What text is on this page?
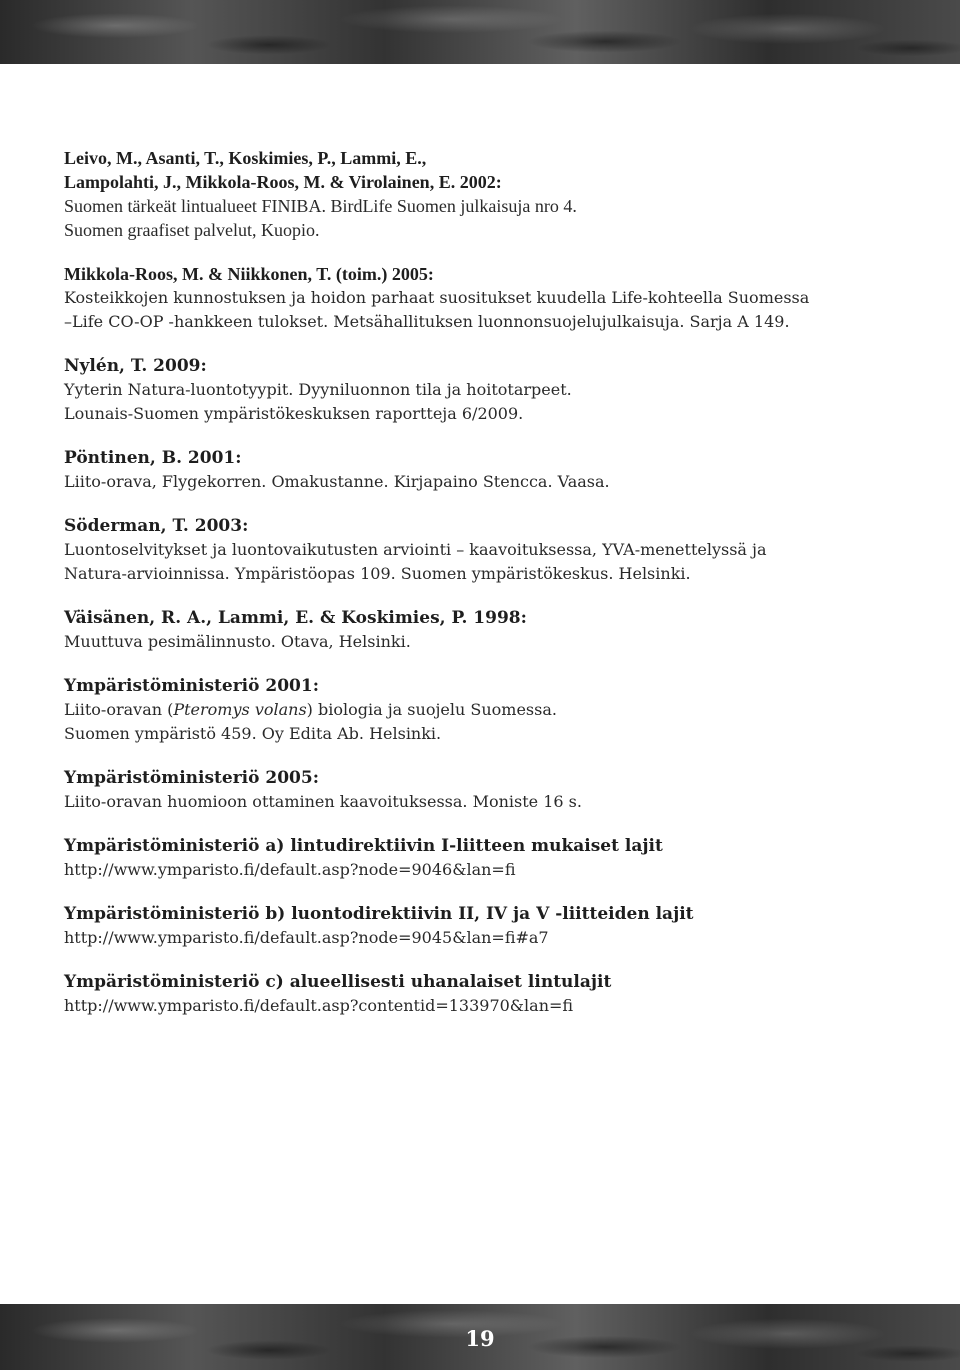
Leivo, M., Asanti, T., Koskimies, P., Lammi, E.,
Lampolahti, J., Mikkola-Roos, M. & Virolainen, E. 2002:
Suomen tärkeät lintualueet FINIBA. BirdLife Suomen julkaisuja nro 4.
Suomen graafiset palvelut, Kuopio.
Mikkola-Roos, M. & Niikkonen, T. (toim.) 2005:
Kosteikkojen kunnostuksen ja hoidon parhaat suositukset kuudella Life-kohteella Suomessa
–Life CO-OP -hankkeen tulokset. Metsähallituksen luonnonsuojelujulkaisuja. Sarja A 149.
Nylén, T. 2009:
Yyterin Natura-luontotyypit. Dyyniluonnon tila ja hoitotarpeet.
Lounais-Suomen ympäristökeskuksen raportteja 6/2009.
Pöntinen, B. 2001:
Liito-orava, Flygekorren. Omakustanne. Kirjapaino Stencca. Vaasa.
Söderman, T. 2003:
Luontoselvitykset ja luontovaikutusten arviointi – kaavoituksessa, YVA-menettelyssä ja
Natura-arvioinnissa. Ympäristöopas 109. Suomen ympäristökeskus. Helsinki.
Väisänen, R. A., Lammi, E. & Koskimies, P. 1998:
Muuttuva pesimälinnusto. Otava, Helsinki.
Ympäristöministeriö 2001:
Liito-oravan (Pteromys volans) biologia ja suojelu Suomessa.
Suomen ympäristö 459. Oy Edita Ab. Helsinki.
Ympäristöministeriö 2005:
Liito-oravan huomioon ottaminen kaavoituksessa. Moniste 16 s.
Ympäristöministeriö a) lintudirektiivin I-liitteen mukaiset lajit
http://www.ymparisto.fi/default.asp?node=9046&lan=fi
Ympäristöministeriö b) luontodirektiivin II, IV ja V -liitteiden lajit
http://www.ymparisto.fi/default.asp?node=9045&lan=fi#a7
Ympäristöministeriö c) alueellisesti uhanalaiset lintulajit
http://www.ymparisto.fi/default.asp?contentid=133970&lan=fi
19
